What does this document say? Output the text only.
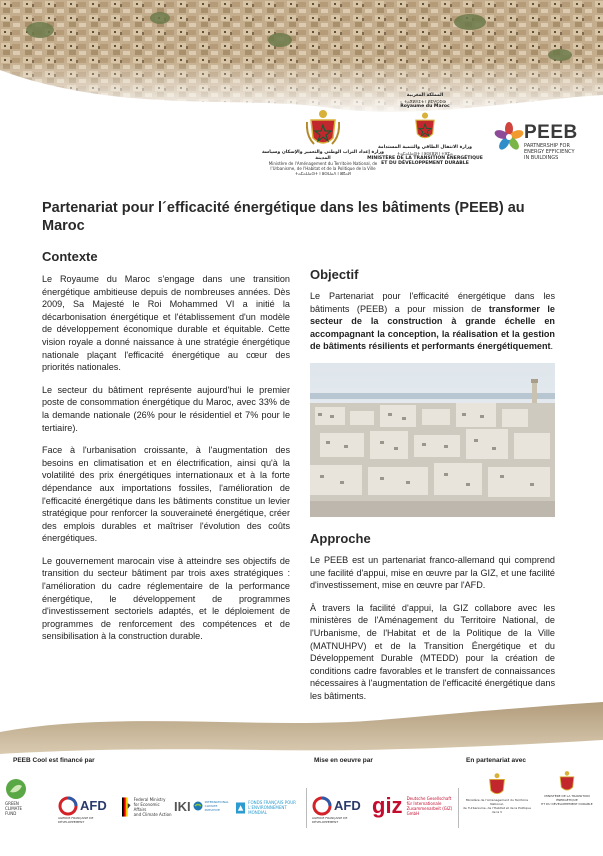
وزارة إعداد التراب الوطني والتعمير والإسكان وسياسة المدينة
Ministère de l'Aménagement du Territoire National, de l'Urbanisme, de l'Habitat et de la Politique de la Ville
ⵜⴰⵎⴰⵡⴰⵙⵜ ⵏ ⵓⵙⵡⴰⴷ ⵏ ⵓⴽⴰⵍ
المملكة المغربية
ⵜⴰⴳⵍⴷⵉⵜ ⵏ ⵍⵎⵖⵔⵉⴱ
Royaume du Maroc
وزارة الانتقال الطاقي والتنمية المستدامة
ⵜⴰⵎⴰⵡⴰⵙⵜ ⵏ ⵓⵙⵏⴼⵍ ⵏ ⵜⵣⵎⴰ
MINISTÈRE DE LA TRANSITION ÉNERGÉTIQUE
ET DU DÉVELOPPEMENT DURABLE
PEEB
PARTNERSHIP FOR
ENERGY EFFICIENCY
IN BUILDINGS
Partenariat pour l´efficacité énergétique dans les bâtiments (PEEB) au Maroc
Contexte

Le Royaume du Maroc s'engage dans une transition énergétique ambitieuse depuis de nombreuses années. Dès 2009, Sa Majesté le Roi Mohammed VI a initié la décarbonisation énergétique et l'établissement d'un modèle de développement économique durable et équitable. Cette vision royale a donné naissance à une stratégie énergétique nationale plaçant l'efficacité énergétique au cœur des priorités nationales.

Le secteur du bâtiment représente aujourd'hui le premier poste de consommation énergétique du Maroc, avec 33% de la demande nationale (26% pour le résidentiel et 7% pour le tertiaire).

Face à l'urbanisation croissante, à l'augmentation des besoins en climatisation et en électrification, ainsi qu'à la volatilité des prix énergétiques internationaux et à la forte dépendance aux importations fossiles, l'amélioration de l'efficacité énergétique dans les bâtiments constitue un levier stratégique pour renforcer la souveraineté énergétique, créer des emplois durables et maîtriser l'évolution des coûts énergétiques.

Le gouvernement marocain vise à atteindre ses objectifs de transition du secteur bâtiment par trois axes stratégiques : l'amélioration du cadre réglementaire de la performance énergétique, le développement de programmes d'investissement sectoriels adaptés, et le déploiement de programmes de renforcement des compétences et de sensibilisation à la construction durable.

Objectif

Le Partenariat pour l'efficacité énergétique dans les bâtiments (PEEB) a pour mission de transformer le secteur de la construction à grande échelle en accompagnant la conception, la réalisation et la gestion de bâtiments résilients et performants énergétiquement.

Approche

Le PEEB est un partenariat franco-allemand qui comprend une facilité d'appui, mise en œuvre par la GIZ, et une facilité d'investissement, mise en œuvre par l'AFD.

À travers la facilité d'appui, la GIZ collabore avec les ministères de l'Aménagement du Territoire National, de l'Urbanisme, de l'Habitat et de la Politique de la Ville (MATNUHPV) et de la Transition Énergétique et du Développement Durable (MTEDD) pour la création de conditions cadre favorables et le transfert de connaissances nécessaires à l'augmentation de l'efficacité énergétique dans les bâtiments.

PEEB Cool est financé par	Mise en oeuvre par	En partenariat avec
GREEN
CLIMATE
FUND
AFD
AGENCE FRANÇAISE DE DÉVELOPPEMENT
Federal Ministry
for Economic Affairs
and Climate Action
IKI	INTERNATIONAL CLIMATE INITIATIVE
FONDS FRANÇAIS POUR
L'ENVIRONNEMENT MONDIAL	AFD
AGENCE FRANÇAISE DE DÉVELOPPEMENT
giz Deutsche Gesellschaft
für Internationale
Zusammenarbeit (GIZ) GmbH
Ministère de l'Aménagement du Territoire National,
de l'Urbanisme, de l'Habitat et de la Politique de la V
MINISTÈRE DE LA TRANSITION ÉNERGÉTIQUE
ET DU DÉVELOPPEMENT DURABLE
